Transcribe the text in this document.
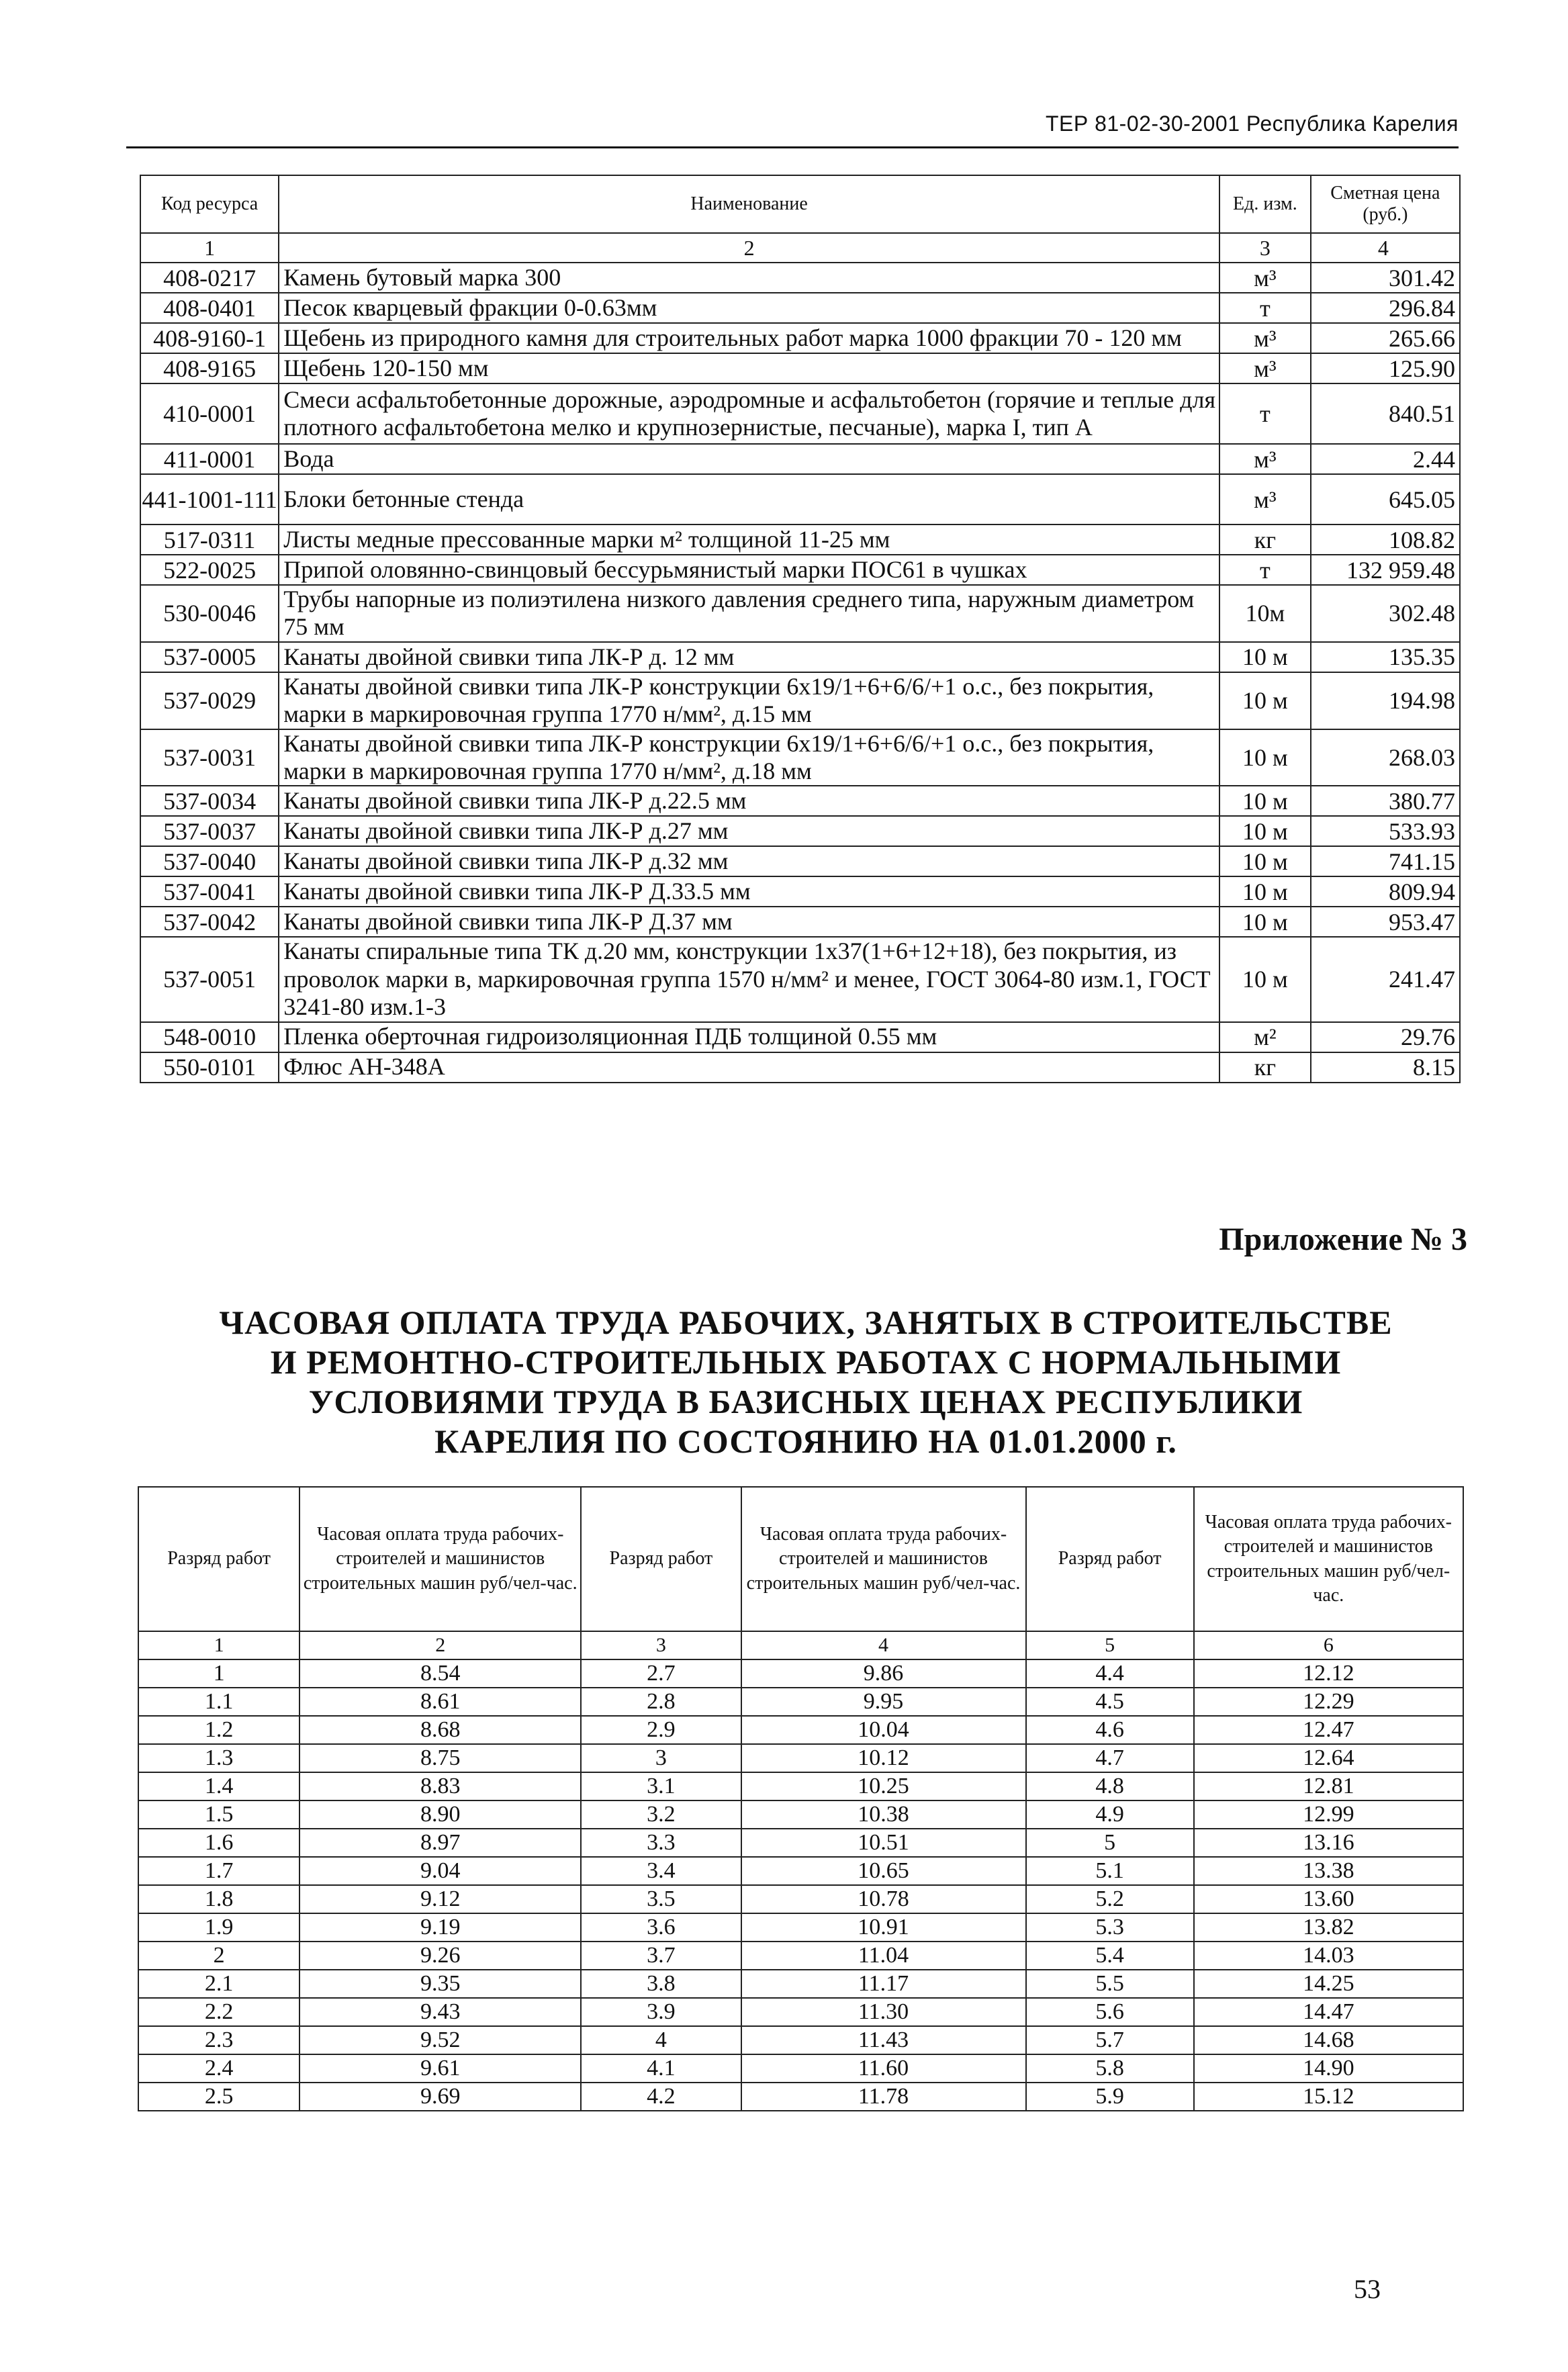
ТЕР 81-02-30-2001 Республика Карелия
Код ресурса	Наименование	Ед. изм.	Сметная цена (руб.)
1	2	3	4
408-0217	Камень бутовый марка 300	м³	301.42
408-0401	Песок кварцевый фракции 0-0.63мм	т	296.84
408-9160-1	Щебень из природного камня для строительных работ марка 1000 фракции 70 - 120 мм	м³	265.66
408-9165	Щебень 120-150 мм	м³	125.90
410-0001	Смеси асфальтобетонные дорожные, аэродромные и асфальтобетон (горячие и теплые для плотного асфальтобетона мелко и крупнозернистые, песчаные), марка I, тип А	т	840.51
411-0001	Вода	м³	2.44
441-1001-111	Блоки бетонные стенда	м³	645.05
517-0311	Листы медные прессованные марки м² толщиной 11-25 мм	кг	108.82
522-0025	Припой оловянно-свинцовый бессурьмянистый марки ПОС61 в чушках	т	132 959.48
530-0046	Трубы напорные из полиэтилена низкого давления среднего типа, наружным диаметром 75 мм	10м	302.48
537-0005	Канаты двойной свивки типа ЛК-Р д. 12 мм	10 м	135.35
537-0029	Канаты двойной свивки типа ЛК-Р конструкции 6х19/1+6+6/6/+1 о.с., без покрытия, марки в маркировочная группа 1770 н/мм², д.15 мм	10 м	194.98
537-0031	Канаты двойной свивки типа ЛК-Р конструкции 6х19/1+6+6/6/+1 о.с., без покрытия, марки в маркировочная группа 1770 н/мм², д.18 мм	10 м	268.03
537-0034	Канаты двойной свивки типа ЛК-Р д.22.5 мм	10 м	380.77
537-0037	Канаты двойной свивки типа ЛК-Р д.27 мм	10 м	533.93
537-0040	Канаты двойной свивки типа ЛК-Р д.32 мм	10 м	741.15
537-0041	Канаты двойной свивки типа ЛК-Р Д.33.5 мм	10 м	809.94
537-0042	Канаты двойной свивки типа ЛК-Р Д.37 мм	10 м	953.47
537-0051	Канаты спиральные типа ТК д.20 мм, конструкции 1х37(1+6+12+18), без покрытия, из проволок марки в, маркировочная группа 1570 н/мм² и менее, ГОСТ 3064-80 изм.1, ГОСТ 3241-80 изм.1-3	10 м	241.47
548-0010	Пленка оберточная гидроизоляционная ПДБ толщиной 0.55 мм	м²	29.76
550-0101	Флюс АН-348А	кг	8.15
Приложение № 3
ЧАСОВАЯ ОПЛАТА ТРУДА РАБОЧИХ, ЗАНЯТЫХ В СТРОИТЕЛЬСТВЕ
И РЕМОНТНО-СТРОИТЕЛЬНЫХ РАБОТАХ С НОРМАЛЬНЫМИ
УСЛОВИЯМИ ТРУДА В БАЗИСНЫХ ЦЕНАХ РЕСПУБЛИКИ
КАРЕЛИЯ ПО СОСТОЯНИЮ НА 01.01.2000 г.
Разряд работ	Часовая оплата труда рабочих-строителей и машинистов строительных машин руб/чел-час.	Разряд работ	Часовая оплата труда рабочих-строителей и машинистов строительных машин руб/чел-час.	Разряд работ	Часовая оплата труда рабочих-строителей и машинистов строительных машин руб/чел-час.
1	2	3	4	5	6
1	8.54	2.7	9.86	4.4	12.12
1.1	8.61	2.8	9.95	4.5	12.29
1.2	8.68	2.9	10.04	4.6	12.47
1.3	8.75	3	10.12	4.7	12.64
1.4	8.83	3.1	10.25	4.8	12.81
1.5	8.90	3.2	10.38	4.9	12.99
1.6	8.97	3.3	10.51	5	13.16
1.7	9.04	3.4	10.65	5.1	13.38
1.8	9.12	3.5	10.78	5.2	13.60
1.9	9.19	3.6	10.91	5.3	13.82
2	9.26	3.7	11.04	5.4	14.03
2.1	9.35	3.8	11.17	5.5	14.25
2.2	9.43	3.9	11.30	5.6	14.47
2.3	9.52	4	11.43	5.7	14.68
2.4	9.61	4.1	11.60	5.8	14.90
2.5	9.69	4.2	11.78	5.9	15.12
53
